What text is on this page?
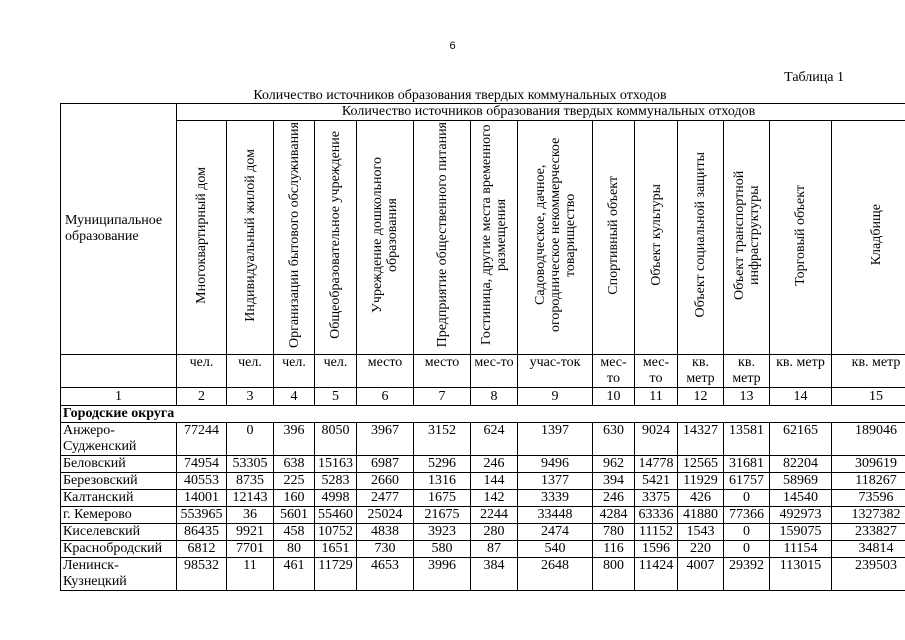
6
Таблица 1
Количество источников образования твердых коммунальных отходов
Муниципальное образование	Количество источников образования твердых коммунальных отходов													
	Многоквартирный дом	Индивидуальный жилой дом	Организации бытового обслуживания	Общеобразовательное учреждение	Учреждение дошкольного образования	Предприятие общественного питания	Гостиница, другие места временного размещения	Садоводческое, дачное, огородническое некоммерческое товарищество	Спортивный объект	Объект культуры	Объект социальной защиты	Объект транспортной инфраструктуры	Торговый объект	Кладбище
	чел.	чел.	чел.	чел.	место	место	мес-то	учас-ток	мес-то	мес-то	кв. метр	кв. метр	кв. метр	кв. метр
1	2	3	4	5	6	7	8	9	10	11	12	13	14	15
Городские округа														
Анжеро-Судженский	77244	0	396	8050	3967	3152	624	1397	630	9024	14327	13581	62165	189046
Беловский	74954	53305	638	15163	6987	5296	246	9496	962	14778	12565	31681	82204	309619
Березовский	40553	8735	225	5283	2660	1316	144	1377	394	5421	11929	61757	58969	118267
Калтанский	14001	12143	160	4998	2477	1675	142	3339	246	3375	426	0	14540	73596
г. Кемерово	553965	36	5601	55460	25024	21675	2244	33448	4284	63336	41880	77366	492973	1327382
Киселевский	86435	9921	458	10752	4838	3923	280	2474	780	11152	1543	0	159075	233827
Краснобродский	6812	7701	80	1651	730	580	87	540	116	1596	220	0	11154	34814
Ленинск-Кузнецкий	98532	11	461	11729	4653	3996	384	2648	800	11424	4007	29392	113015	239503
